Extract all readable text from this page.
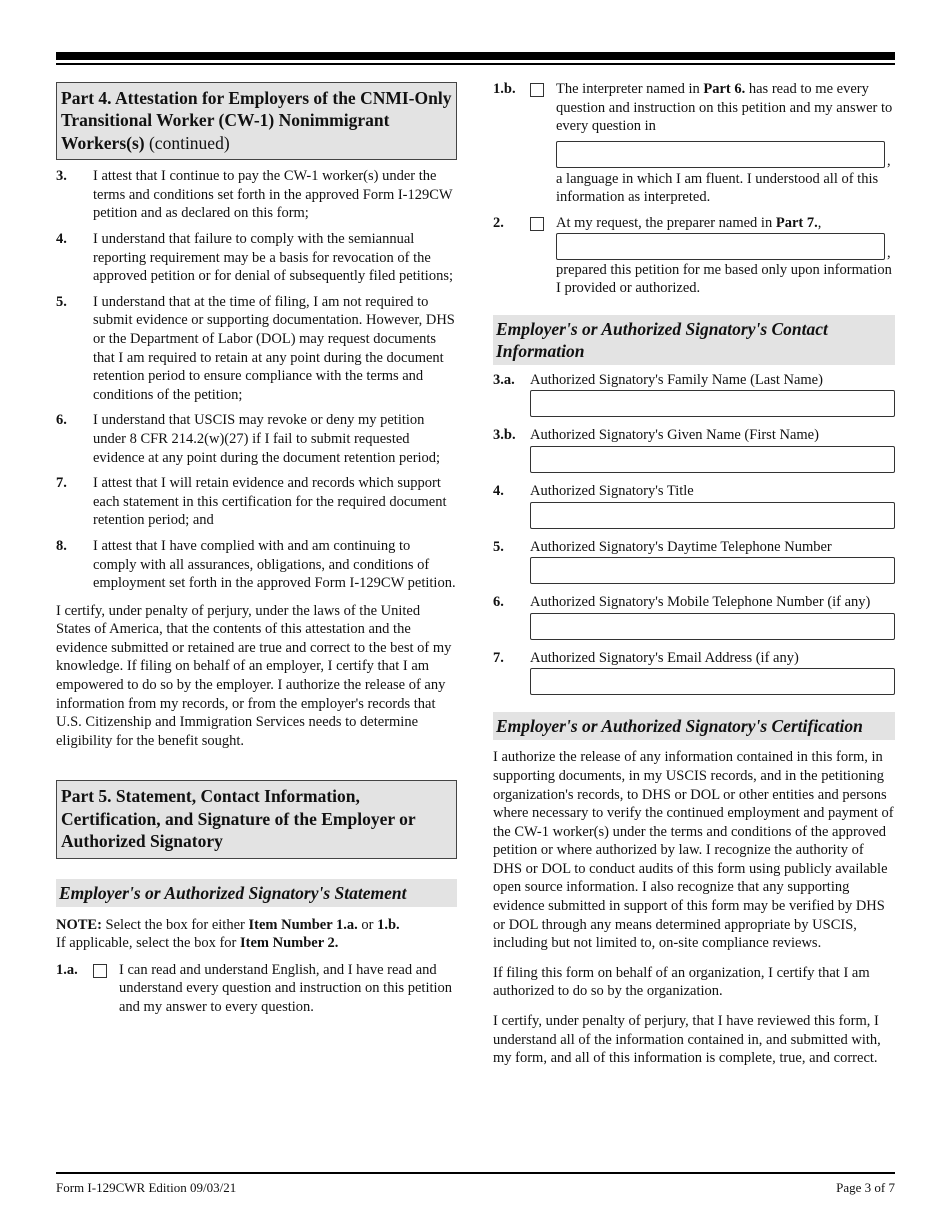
Part 4. Attestation for Employers of the CNMI-Only Transitional Worker (CW-1) Nonimmigrant Workers(s) (continued)
3.	I attest that I continue to pay the CW-1 worker(s) under the terms and conditions set forth in the approved Form I-129CW petition and as declared on this form;
4.	I understand that failure to comply with the semiannual reporting requirement may be a basis for revocation of the approved petition or for denial of subsequently filed petitions;
5.	I understand that at the time of filing, I am not required to submit evidence or supporting documentation. However, DHS or the Department of Labor (DOL) may request documents that I am required to retain at any point during the document retention period to ensure compliance with the terms and conditions of the petition;
6.	I understand that USCIS may revoke or deny my petition under 8 CFR 214.2(w)(27) if I fail to submit requested evidence at any point during the document retention period;
7.	I attest that I will retain evidence and records which support each statement in this certification for the required document retention period; and
8.	I attest that I have complied with and am continuing to comply with all assurances, obligations, and conditions of employment set forth in the approved Form I-129CW petition.

I certify, under penalty of perjury, under the laws of the United States of America, that the contents of this attestation and the evidence submitted or retained are true and correct to the best of my knowledge. If filing on behalf of an employer, I certify that I am empowered to do so by the employer. I authorize the release of any information from my records, or from the employer's records that U.S. Citizenship and Immigration Services needs to determine eligibility for the benefit sought.

Part 5. Statement, Contact Information, Certification, and Signature of the Employer or Authorized Signatory
Employer's or Authorized Signatory's Statement

NOTE: Select the box for either Item Number 1.a. or 1.b.
If applicable, select the box for Item Number 2.

1.a.	I can read and understand English, and I have read and understand every question and instruction on this petition and my answer to every question.
1.b.	The interpreter named in Part 6. has read to me every question and instruction on this petition and my answer to every question in
,
a language in which I am fluent. I understood all of this information as interpreted.
2.	At my request, the preparer named in Part 7.,
,
prepared this petition for me based only upon information I provided or authorized.
Employer's or Authorized Signatory's Contact Information
3.a.	Authorized Signatory's Family Name (Last Name)
3.b. Authorized Signatory's Given Name (First Name)
4.	Authorized Signatory's Title
5.	Authorized Signatory's Daytime Telephone Number
6.	Authorized Signatory's Mobile Telephone Number (if any)
7.	Authorized Signatory's Email Address (if any)
Employer's or Authorized Signatory's Certification

I authorize the release of any information contained in this form, in supporting documents, in my USCIS records, and in the petitioning organization's records, to DHS or DOL or other entities and persons where necessary to verify the continued employment and payment of the CW-1 worker(s) under the terms and conditions of the approved petition or where authorized by law. I recognize the authority of DHS or DOL to conduct audits of this form using publicly available open source information. I also recognize that any supporting evidence submitted in support of this form may be verified by DHS or DOL through any means determined appropriate by USCIS, including but not limited to, on-site compliance reviews.

If filing this form on behalf of an organization, I certify that I am authorized to do so by the organization.

I certify, under penalty of perjury, that I have reviewed this form, I understand all of the information contained in, and submitted with, my form, and all of this information is complete, true, and correct.

Form I-129CWR Edition 09/03/21	Page 3 of 7
